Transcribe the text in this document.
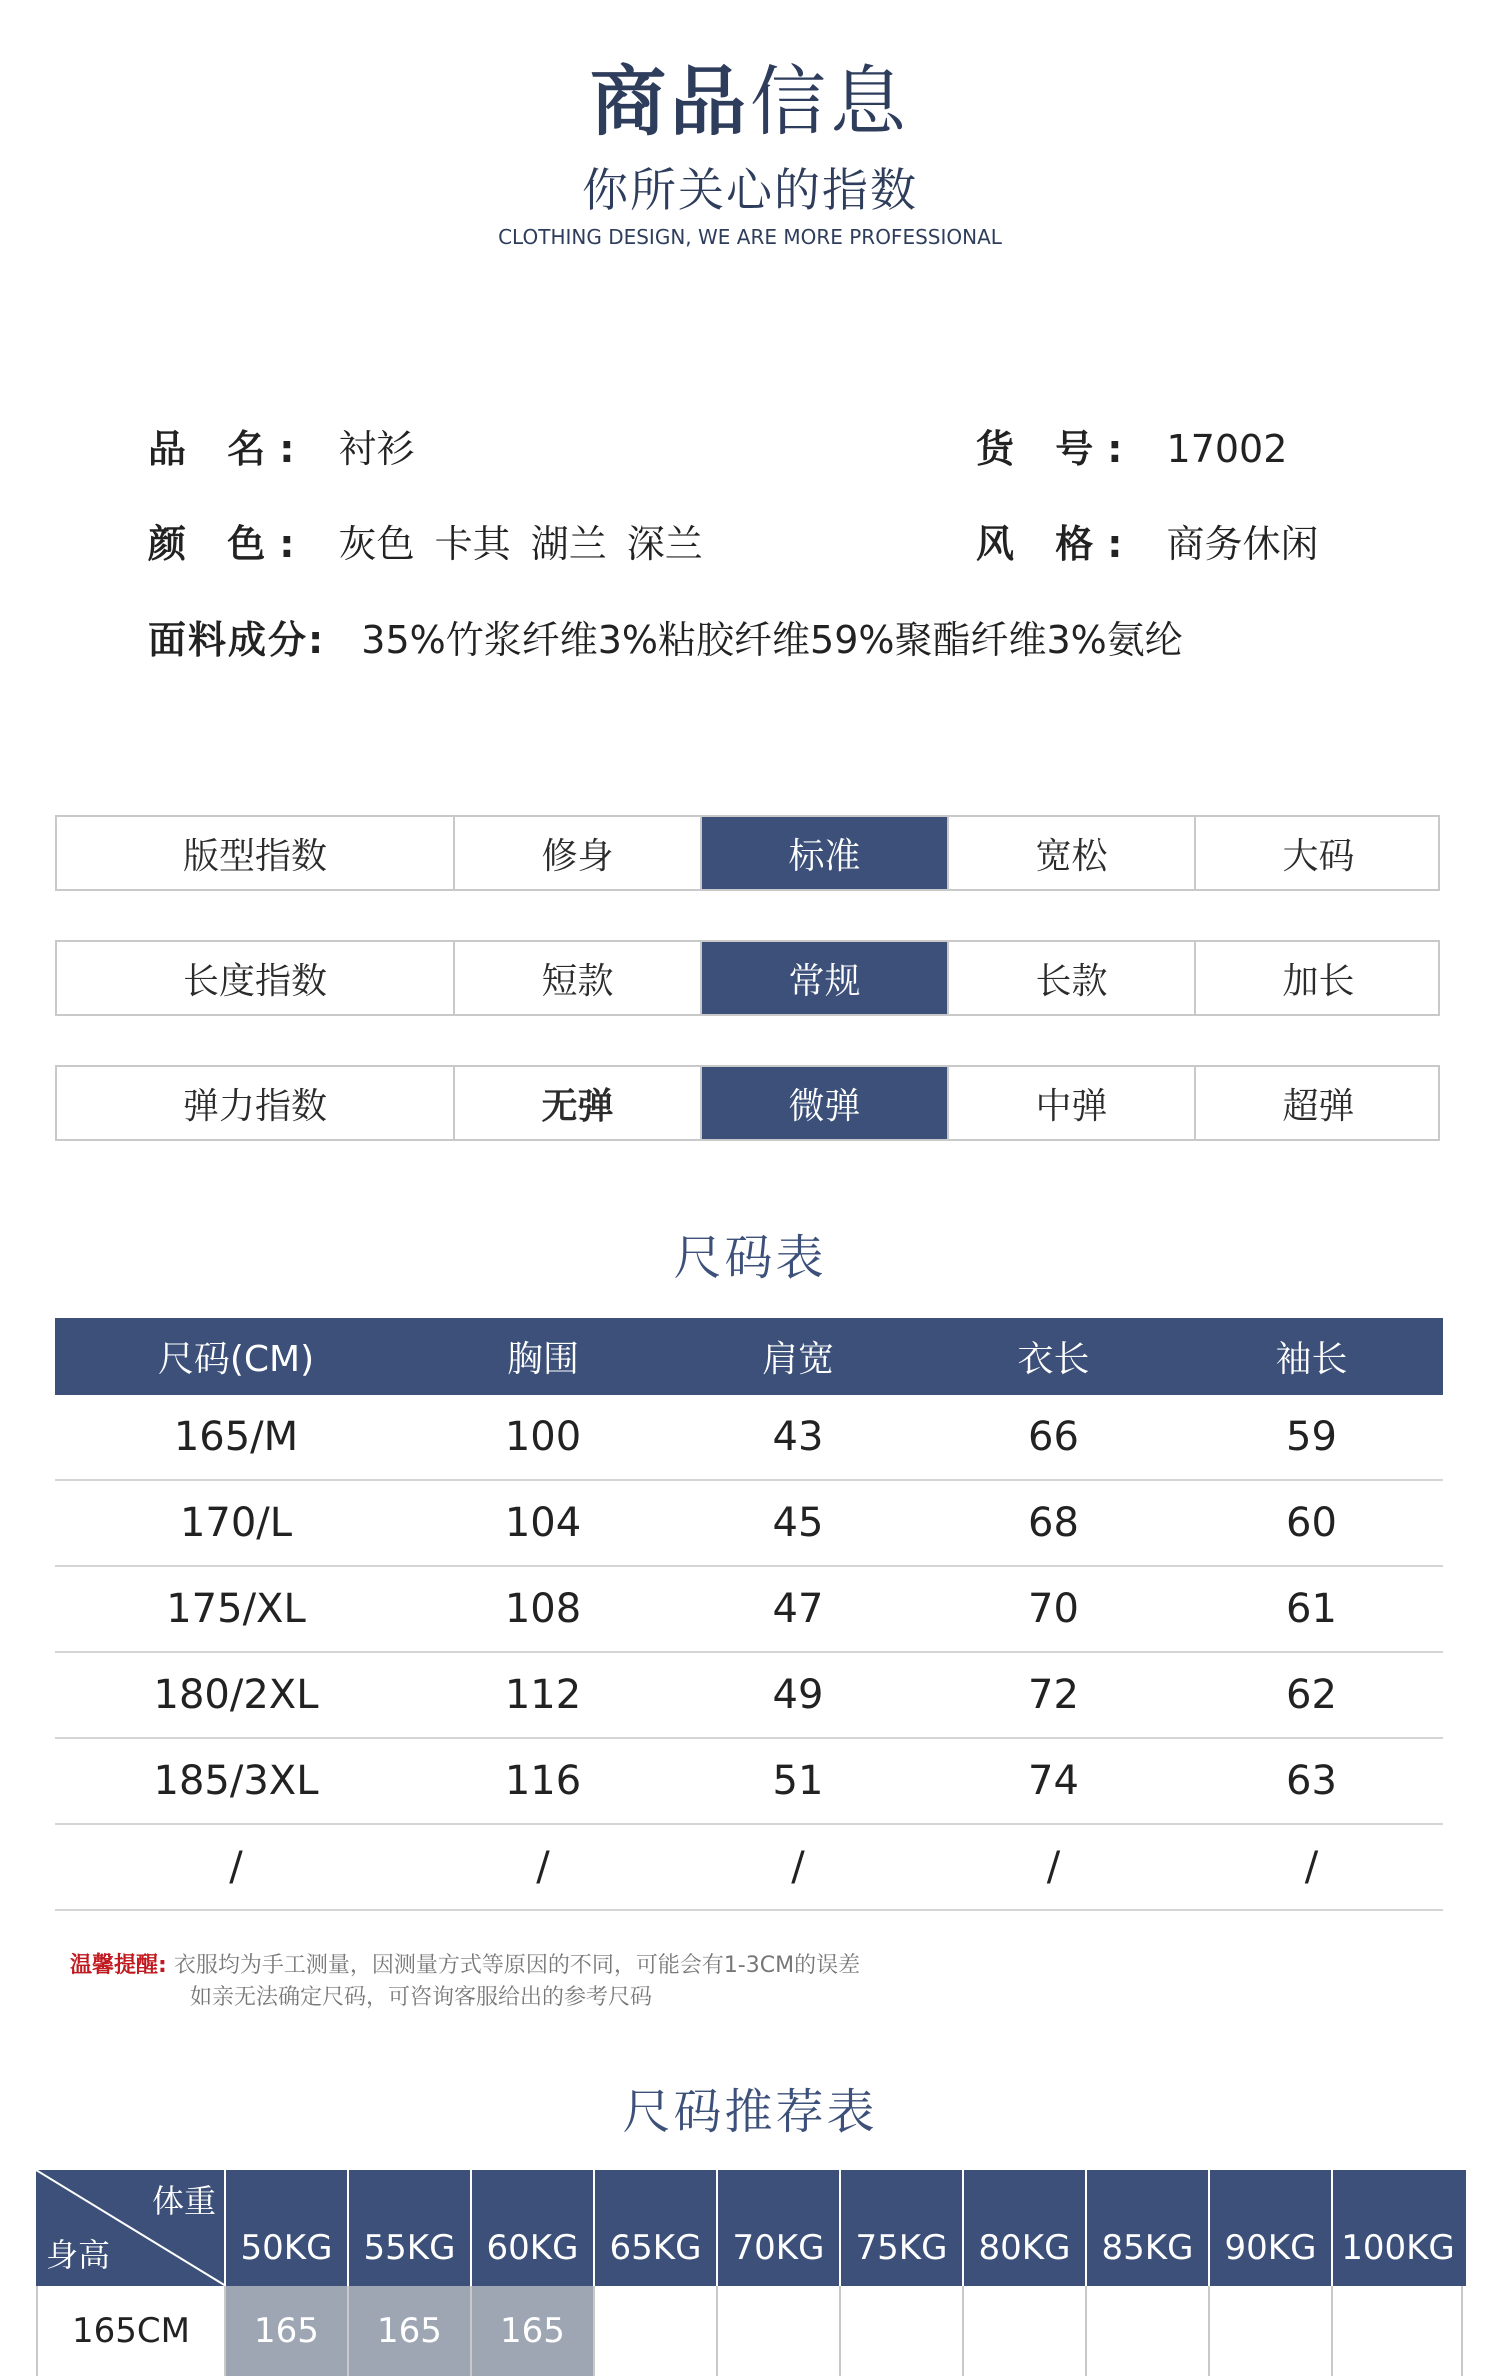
商品信息
你所关心的指数
CLOTHING DESIGN, WE ARE MORE PROFESSIONAL
品 名: 衬衫	货 号: 17002
颜 色: 灰色 卡其 湖兰 深兰	风 格: 商务休闲
面料成分: 35%竹浆纤维3%粘胶纤维59%聚酯纤维3%氨纶
版型指数	修身	标准	宽松	大码
长度指数	短款	常规	长款	加长
弹力指数	无弹	微弹	中弹	超弹
尺码表
尺码(CM)	胸围	肩宽	衣长	袖长
165/M	100	43	66	59
170/L	104	45	68	60
175/XL	108	47	70	61
180/2XL	112	49	72	62
185/3XL	116	51	74	63
/	/	/	/	/
温馨提醒: 衣服均为手工测量，因测量方式等原因的不同，可能会有1-3CM的误差
如亲无法确定尺码，可咨询客服给出的参考尺码
尺码推荐表
体重
身高	50KG 55KG 60KG 65KG 70KG 75KG 80KG 85KG 90KG 100KG
165CM	165	165	165
